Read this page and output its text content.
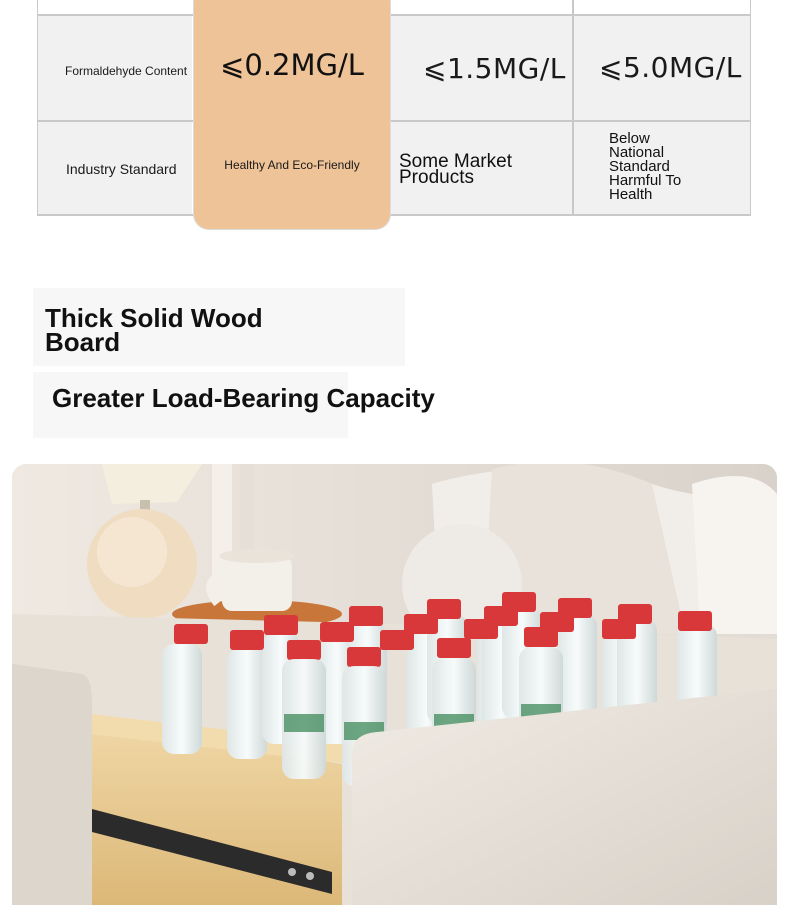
Formaldehyde Content	⩽1.5MG/L ⩽5.0MG/L
Industry Standard	Some Market
Products
Below
National
Standard
Harmful To
Health
⩽0.2MG/L
Healthy And Eco-Friendly
Thick Solid Wood Board
Greater Load-Bearing Capacity
